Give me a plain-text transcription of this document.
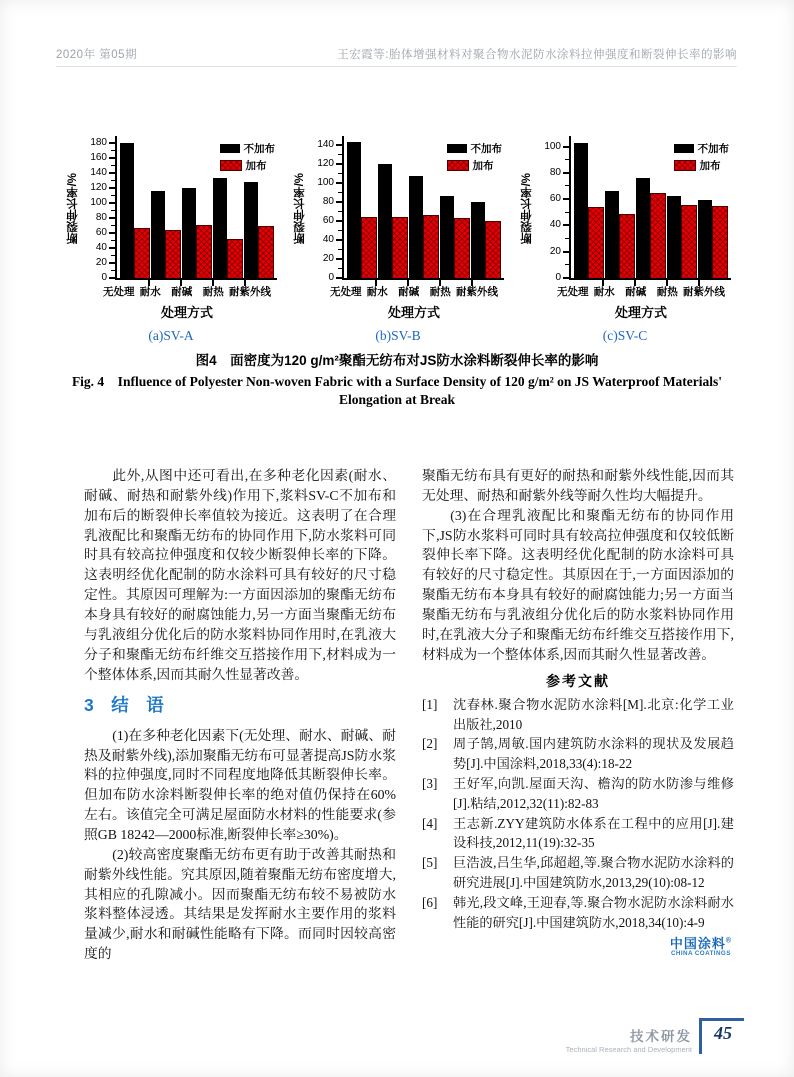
2020年 第05期	王宏霞等:胎体增强材料对聚合物水泥防水涂料拉伸强度和断裂伸长率的影响
断裂伸长率/%
0
20
40
60
80
100
120
140
160
180
不加布
加布
无处理 耐水	耐碱	耐热 耐紫外线
处理方式
(a)SV-A
断裂伸长率/%
0
20
40
60
80
100
120
140	不加布
加布
无处理 耐水	耐碱	耐热 耐紫外线
处理方式
(b)SV-B
断裂伸长率/%
0
20
40
60
80
100	不加布
加布
无处理 耐水	耐碱	耐热 耐紫外线
处理方式
(c)SV-C
图4　面密度为120 g/m²聚酯无纺布对JS防水涂料断裂伸长率的影响
Fig. 4　Influence of Polyester Non-woven Fabric with a Surface Density of 120 g/m² on JS Waterproof Materials'
Elongation at Break

此外,从图中还可看出,在多种老化因素(耐水、耐碱、耐热和耐紫外线)作用下,浆料SV-C不加布和加布后的断裂伸长率值较为接近。这表明了在合理乳液配比和聚酯无纺布的协同作用下,防水浆料可同时具有较高拉伸强度和仅较少断裂伸长率的下降。这表明经优化配制的防水涂料可具有较好的尺寸稳定性。其原因可理解为:一方面因添加的聚酯无纺布本身具有较好的耐腐蚀能力,另一方面当聚酯无纺布与乳液组分优化后的防水浆料协同作用时,在乳液大分子和聚酯无纺布纤维交互搭接作用下,材料成为一个整体体系,因而其耐久性显著改善。

3　结　语

(1)在多种老化因素下(无处理、耐水、耐碱、耐热及耐紫外线),添加聚酯无纺布可显著提高JS防水浆料的拉伸强度,同时不同程度地降低其断裂伸长率。但加布防水涂料断裂伸长率的绝对值仍保持在60%左右。该值完全可满足屋面防水材料的性能要求(参照GB 18242—2000标准,断裂伸长率≥30%)。

(2)较高密度聚酯无纺布更有助于改善其耐热和耐紫外线性能。究其原因,随着聚酯无纺布密度增大,其相应的孔隙减小。因而聚酯无纺布较不易被防水浆料整体浸透。其结果是发挥耐水主要作用的浆料量减少,耐水和耐碱性能略有下降。而同时因较高密度的

聚酯无纺布具有更好的耐热和耐紫外线性能,因而其无处理、耐热和耐紫外线等耐久性均大幅提升。

(3)在合理乳液配比和聚酯无纺布的协同作用下,JS防水浆料可同时具有较高拉伸强度和仅较低断裂伸长率下降。这表明经优化配制的防水涂料可具有较好的尺寸稳定性。其原因在于,一方面因添加的聚酯无纺布本身具有较好的耐腐蚀能力;另一方面当聚酯无纺布与乳液组分优化后的防水浆料协同作用时,在乳液大分子和聚酯无纺布纤维交互搭接作用下,材料成为一个整体体系,因而其耐久性显著改善。

参考文献
[1]	沈春林.聚合物水泥防水涂料[M].北京:化学工业出版社,2010
[2]	周子鹄,周敏.国内建筑防水涂料的现状及发展趋势[J].中国涂料,2018,33(4):18-22
[3]	王好军,向凯.屋面天沟、檐沟的防水防渗与维修[J].粘结,2012,32(11):82-83
[4]	王志新.ZYY建筑防水体系在工程中的应用[J].建设科技,2012,11(19):32-35
[5]	巨浩波,吕生华,邱超超,等.聚合物水泥防水涂料的研究进展[J].中国建筑防水,2013,29(10):08-12
[6]	韩光,段文峰,王迎春,等.聚合物水泥防水涂料耐水性能的研究[J].中国建筑防水,2018,34(10):4-9
中国涂料®
CHINA COATINGS
技术研发
Technical Research and Development
45
